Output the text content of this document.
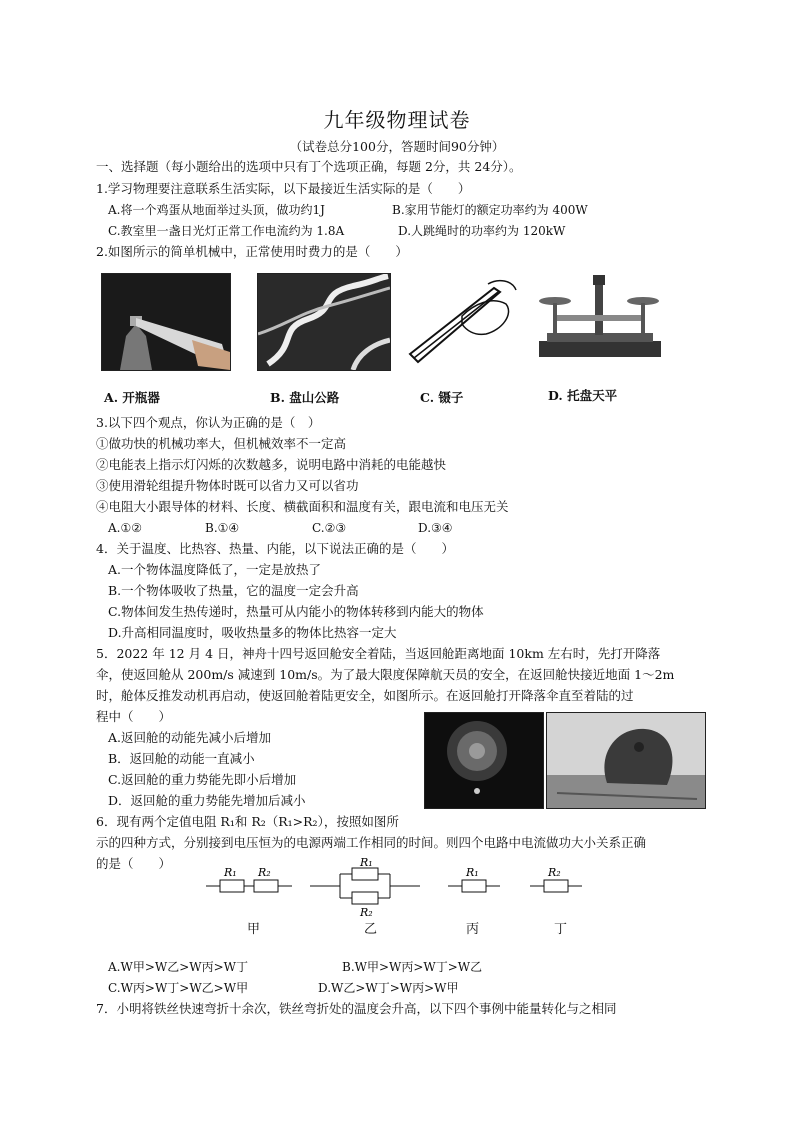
九年级物理试卷
（试卷总分100分，答题时间90分钟）
一、选择题（每小题给出的选项中只有丁个选项正确，每题 2分，共 24分）。
1.学习物理要注意联系生活实际，以下最接近生活实际的是（　　）
A.将一个鸡蛋从地面举过头顶，做功约1J	B.家用节能灯的额定功率约为 400W
C.教室里一盏日光灯正常工作电流约为 1.8A	D.人跳绳时的功率约为 120kW
2.如图所示的简单机械中，正常使用时费力的是（　　）
A. 开瓶器	B. 盘山公路	C. 镊子	D. 托盘天平
3.以下四个观点，你认为正确的是（　）
①做功快的机械功率大，但机械效率不一定高
②电能表上指示灯闪烁的次数越多，说明电路中消耗的电能越快
③使用滑轮组提升物体时既可以省力又可以省功
④电阻大小跟导体的材料、长度、横截面积和温度有关，跟电流和电压无关
A.①②	B.①④	C.②③	D.③④
4．关于温度、比热容、热量、内能，以下说法正确的是（　　）
A.一个物体温度降低了，一定是放热了
B.一个物体吸收了热量，它的温度一定会升高
C.物体间发生热传递时，热量可从内能小的物体转移到内能大的物体
D.升高相同温度时，吸收热量多的物体比热容一定大
5．2022 年 12 月 4 日，神舟十四号返回舱安全着陆，当返回舱距离地面 10km 左右时，先打开降落
伞，使返回舱从 200m/s 减速到 10m/s。为了最大限度保障航天员的安全，在返回舱快接近地面 1～2m
时，舱体反推发动机再启动，使返回舱着陆更安全，如图所示。在返回舱打开降落伞直至着陆的过
程中（　　）
A.返回舱的动能先减小后增加
B．返回舱的动能一直减小
C.返回舱的重力势能先即小后增加
D．返回舱的重力势能先增加后减小
6．现有两个定值电阻 R₁和 R₂（R₁>R₂），按照如图所
示的四种方式，分别接到电压恒为的电源两端工作相同的时间。则四个电路中电流做功大小关系正确
的是（　　）
R₁ R₂
R₁
R₂
R₁	R₂
甲	乙	丙	丁
A.W甲>W乙>W丙>W丁	B.W甲>W丙>W丁>W乙
C.W丙>W丁>W乙>W甲	D.W乙>W丁>W丙>W甲
7．小明将铁丝快速弯折十余次，铁丝弯折处的温度会升高，以下四个事例中能量转化与之相同
